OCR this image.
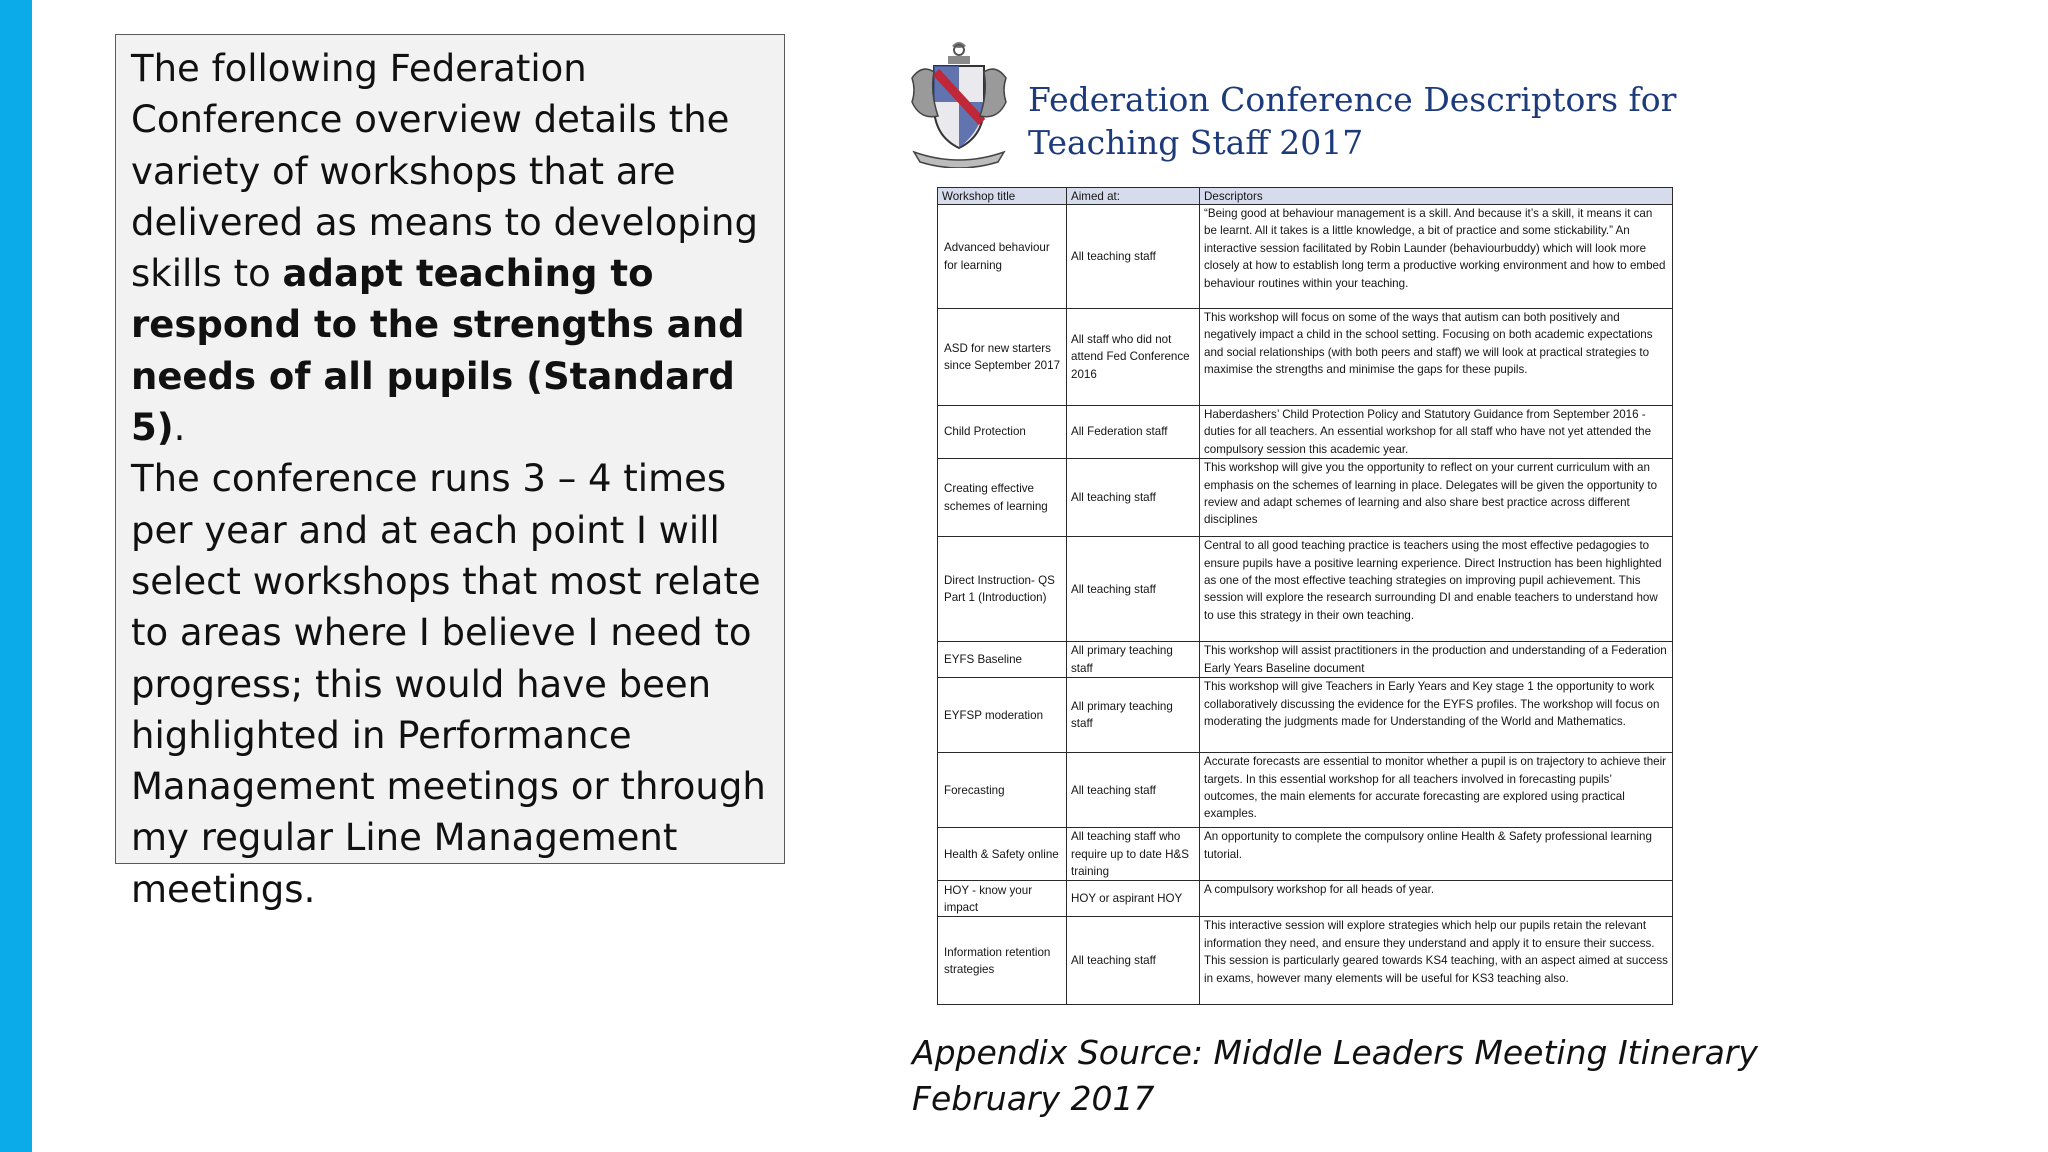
The following Federation Conference overview details the variety of workshops that are delivered as means to developing skills to adapt teaching to respond to the strengths and needs of all pupils (Standard 5).

The conference runs 3 – 4 times per year and at each point I will select workshops that most relate to areas where I believe I need to progress; this would have been highlighted in Performance Management meetings or through my regular Line Management meetings.

Federation Conference Descriptors for
Teaching Staff 2017
Workshop title	Aimed at:	Descriptors
Advanced behaviour for learning	All teaching staff	“Being good at behaviour management is a skill. And because it’s a skill, it means it can be learnt. All it takes is a little knowledge, a bit of practice and some stickability.” An interactive session facilitated by Robin Launder (behaviourbuddy) which will look more closely at how to establish long term a productive working environment and how to embed behaviour routines within your teaching.
ASD for new starters since September 2017	All staff who did not attend Fed Conference 2016	This workshop will focus on some of the ways that autism can both positively and negatively impact a child in the school setting. Focusing on both academic expectations and social relationships (with both peers and staff) we will look at practical strategies to maximise the strengths and minimise the gaps for these pupils.
Child Protection	All Federation staff	Haberdashers’ Child Protection Policy and Statutory Guidance from September 2016 - duties for all teachers. An essential workshop for all staff who have not yet attended the compulsory session this academic year.
Creating effective schemes of learning	All teaching staff	This workshop will give you the opportunity to reflect on your current curriculum with an emphasis on the schemes of learning in place. Delegates will be given the opportunity to review and adapt schemes of learning and also share best practice across different disciplines
Direct Instruction- QS Part 1 (Introduction)	All teaching staff	Central to all good teaching practice is teachers using the most effective pedagogies to ensure pupils have a positive learning experience. Direct Instruction has been highlighted as one of the most effective teaching strategies on improving pupil achievement. This session will explore the research surrounding DI and enable teachers to understand how to use this strategy in their own teaching.
EYFS Baseline	All primary teaching staff	This workshop will assist practitioners in the production and understanding of a Federation Early Years Baseline document
EYFSP moderation	All primary teaching staff	This workshop will give Teachers in Early Years and Key stage 1 the opportunity to work collaboratively discussing the evidence for the EYFS profiles. The workshop will focus on moderating the judgments made for Understanding of the World and Mathematics.
Forecasting	All teaching staff	Accurate forecasts are essential to monitor whether a pupil is on trajectory to achieve their targets. In this essential workshop for all teachers involved in forecasting pupils’ outcomes, the main elements for accurate forecasting are explored using practical examples.
Health & Safety online	All teaching staff who require up to date H&S training	An opportunity to complete the compulsory online Health & Safety professional learning tutorial.
HOY - know your impact	HOY or aspirant HOY	A compulsory workshop for all heads of year.
Information retention strategies	All teaching staff	This interactive session will explore strategies which help our pupils retain the relevant information they need, and ensure they understand and apply it to ensure their success. This session is particularly geared towards KS4 teaching, with an aspect aimed at success in exams, however many elements will be useful for KS3 teaching also.
Appendix Source: Middle Leaders Meeting Itinerary
February 2017
